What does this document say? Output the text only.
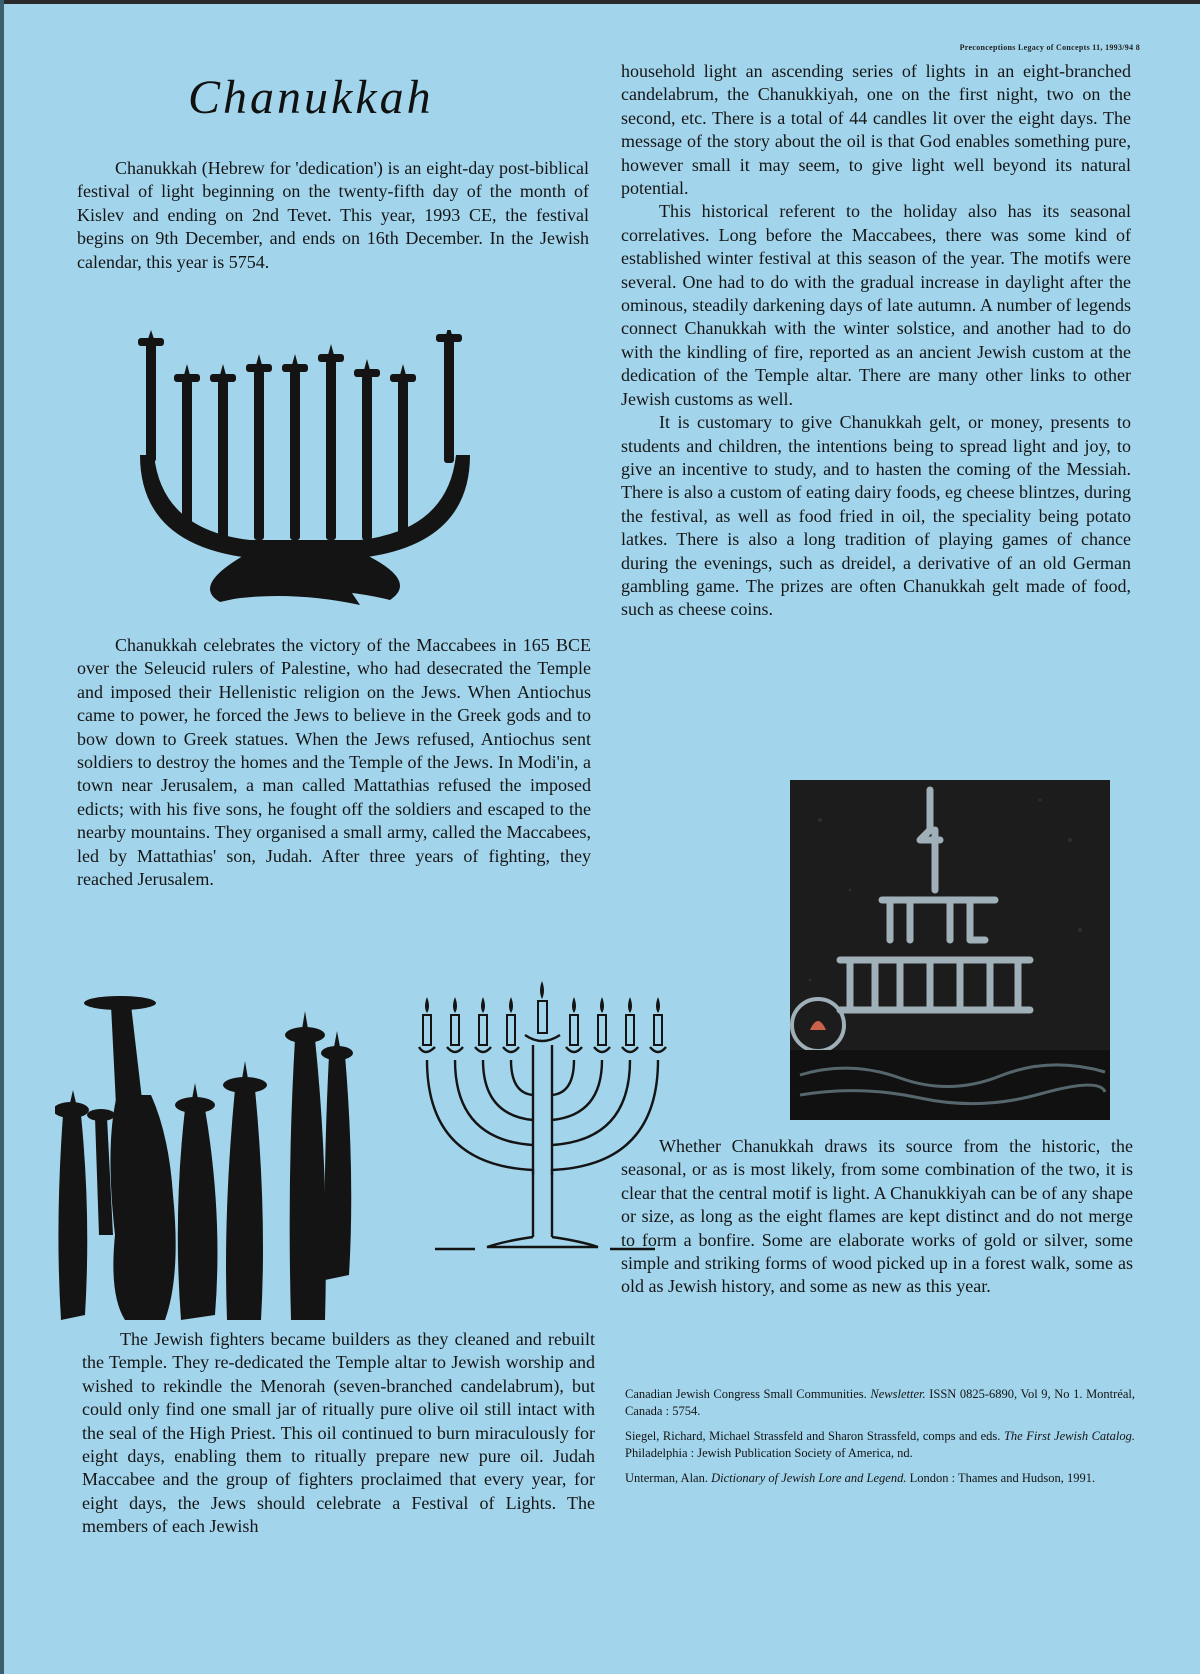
Preconceptions Legacy of Concepts 11, 1993/94 8
Chanukkah

Chanukkah (Hebrew for 'dedication') is an eight-day post-biblical festival of light beginning on the twenty-fifth day of the month of Kislev and ending on 2nd Tevet. This year, 1993 CE, the festival begins on 9th December, and ends on 16th December. In the Jewish calendar, this year is 5754.

Chanukkah celebrates the victory of the Maccabees in 165 BCE over the Seleucid rulers of Palestine, who had desecrated the Temple and imposed their Hellenistic religion on the Jews. When Antiochus came to power, he forced the Jews to believe in the Greek gods and to bow down to Greek statues. When the Jews refused, Antiochus sent soldiers to destroy the homes and the Temple of the Jews. In Modi'in, a town near Jerusalem, a man called Mattathias refused the imposed edicts; with his five sons, he fought off the soldiers and escaped to the nearby mountains. They organised a small army, called the Maccabees, led by Mattathias' son, Judah. After three years of fighting, they reached Jerusalem.

The Jewish fighters became builders as they cleaned and rebuilt the Temple. They re-dedicated the Temple altar to Jewish worship and wished to rekindle the Menorah (seven-branched candelabrum), but could only find one small jar of ritually pure olive oil still intact with the seal of the High Priest. This oil continued to burn miraculously for eight days, enabling them to ritually prepare new pure oil. Judah Maccabee and the group of fighters proclaimed that every year, for eight days, the Jews should celebrate a Festival of Lights. The members of each Jewish

household light an ascending series of lights in an eight-branched candelabrum, the Chanukkiyah, one on the first night, two on the second, etc. There is a total of 44 candles lit over the eight days. The message of the story about the oil is that God enables something pure, however small it may seem, to give light well beyond its natural potential.

This historical referent to the holiday also has its seasonal correlatives. Long before the Maccabees, there was some kind of established winter festival at this season of the year. The motifs were several. One had to do with the gradual increase in daylight after the ominous, steadily darkening days of late autumn. A number of legends connect Chanukkah with the winter solstice, and another had to do with the kindling of fire, reported as an ancient Jewish custom at the dedication of the Temple altar. There are many other links to other Jewish customs as well.

It is customary to give Chanukkah gelt, or money, presents to students and children, the intentions being to spread light and joy, to give an incentive to study, and to hasten the coming of the Messiah. There is also a custom of eating dairy foods, eg cheese blintzes, during the festival, as well as food fried in oil, the speciality being potato latkes. There is also a long tradition of playing games of chance during the evenings, such as dreidel, a derivative of an old German gambling game. The prizes are often Chanukkah gelt made of food, such as cheese coins.

Whether Chanukkah draws its source from the historic, the seasonal, or as is most likely, from some combination of the two, it is clear that the central motif is light. A Chanukkiyah can be of any shape or size, as long as the eight flames are kept distinct and do not merge to form a bonfire. Some are elaborate works of gold or silver, some simple and striking forms of wood picked up in a forest walk, some as old as Jewish history, and some as new as this year.

Canadian Jewish Congress Small Communities. Newsletter. ISSN 0825-6890, Vol 9, No 1. Montréal, Canada : 5754.

Siegel, Richard, Michael Strassfeld and Sharon Strassfeld, comps and eds. The First Jewish Catalog. Philadelphia : Jewish Publication Society of America, nd.

Unterman, Alan. Dictionary of Jewish Lore and Legend. London : Thames and Hudson, 1991.
